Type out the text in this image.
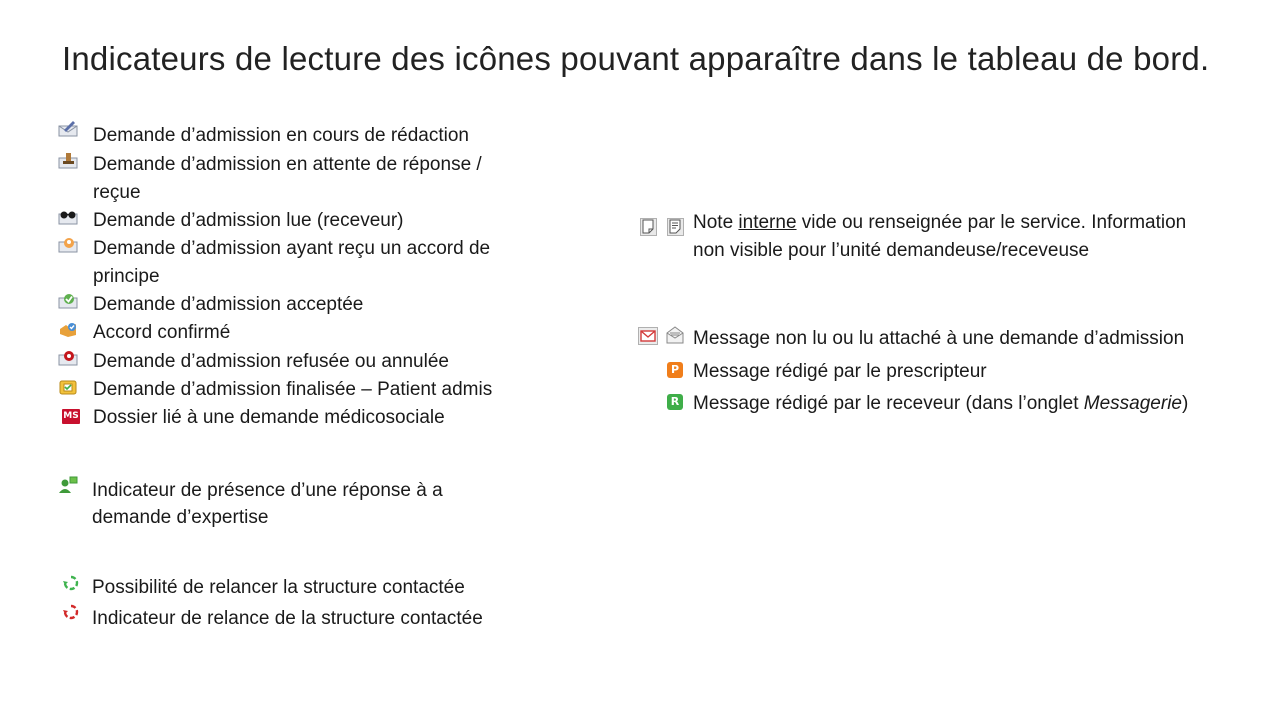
Indicateurs de lecture des icônes pouvant apparaître dans le tableau de bord.
Demande d’admission en cours de rédaction
Demande d’admission en attente de réponse /
reçue
Demande d’admission lue (receveur)
Demande d’admission ayant reçu un accord de
principe
Demande d’admission acceptée
Accord confirmé
Demande d’admission refusée ou annulée
Demande d’admission finalisée – Patient admis
MS Dossier lié à une demande médicosociale
Indicateur de présence d’une réponse à a
demande d’expertise
Possibilité de relancer la structure contactée
Indicateur de relance de la structure contactée
Note interne vide ou renseignée par le service. Information
non visible pour l’unité demandeuse/receveuse
Message non lu ou lu attaché à une demande d’admission
P Message rédigé par le prescripteur
R Message rédigé par le receveur (dans l’onglet Messagerie)
